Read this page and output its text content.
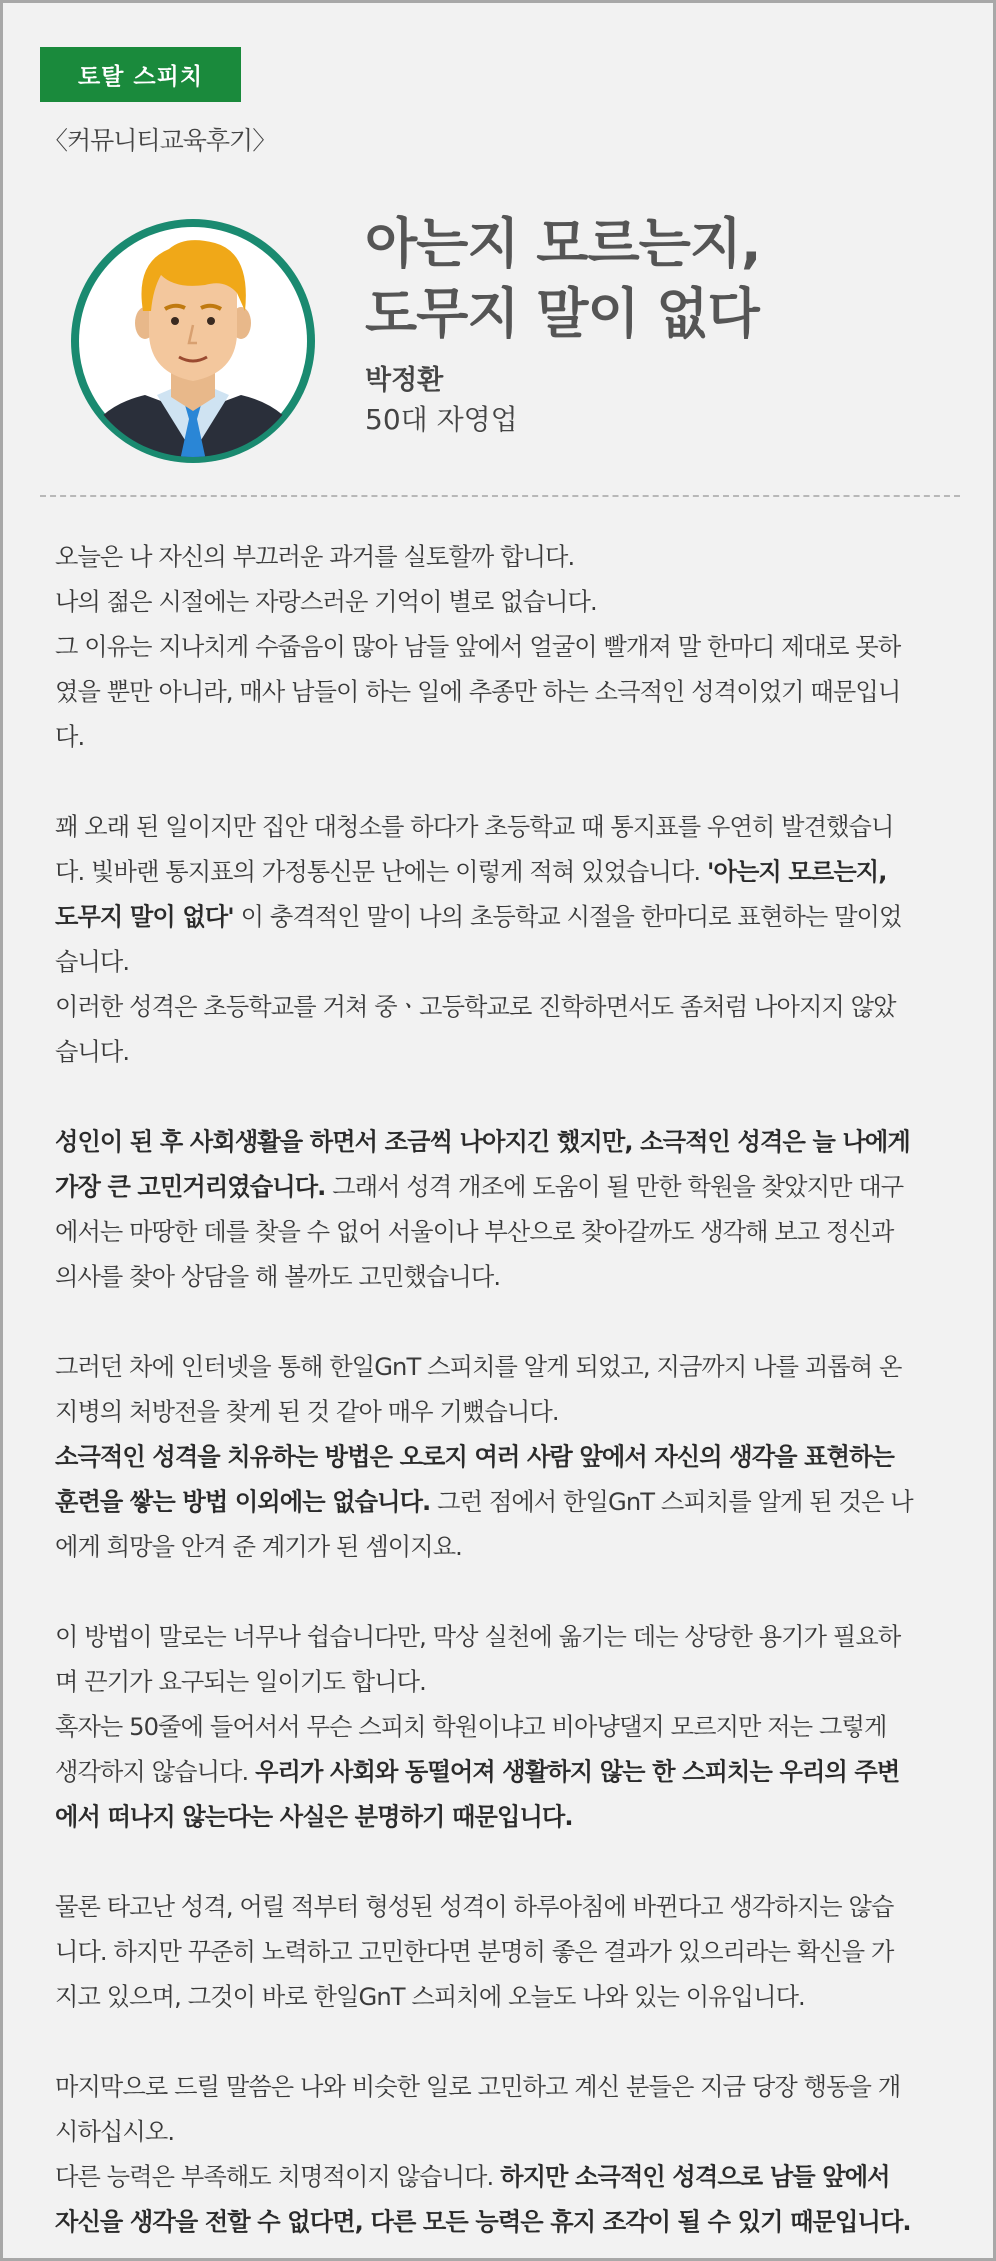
토탈 스피치
〈커뮤니티교육후기〉
아는지 모르는지,
도무지 말이 없다
박정환
50대 자영업
오늘은 나 자신의 부끄러운 과거를 실토할까 합니다.
나의 젊은 시절에는 자랑스러운 기억이 별로 없습니다.
그 이유는 지나치게 수줍음이 많아 남들 앞에서 얼굴이 빨개져 말 한마디 제대로 못하
였을 뿐만 아니라, 매사 남들이 하는 일에 추종만 하는 소극적인 성격이었기 때문입니
다.
꽤 오래 된 일이지만 집안 대청소를 하다가 초등학교 때 통지표를 우연히 발견했습니
다. 빛바랜 통지표의 가정통신문 난에는 이렇게 적혀 있었습니다. '아는지 모르는지,
도무지 말이 없다' 이 충격적인 말이 나의 초등학교 시절을 한마디로 표현하는 말이었
습니다.
이러한 성격은 초등학교를 거쳐 중ㆍ고등학교로 진학하면서도 좀처럼 나아지지 않았
습니다.
성인이 된 후 사회생활을 하면서 조금씩 나아지긴 했지만, 소극적인 성격은 늘 나에게
가장 큰 고민거리였습니다. 그래서 성격 개조에 도움이 될 만한 학원을 찾았지만 대구
에서는 마땅한 데를 찾을 수 없어 서울이나 부산으로 찾아갈까도 생각해 보고 정신과
의사를 찾아 상담을 해 볼까도 고민했습니다.
그러던 차에 인터넷을 통해 한일GnT 스피치를 알게 되었고, 지금까지 나를 괴롭혀 온
지병의 처방전을 찾게 된 것 같아 매우 기뻤습니다.
소극적인 성격을 치유하는 방법은 오로지 여러 사람 앞에서 자신의 생각을 표현하는
훈련을 쌓는 방법 이외에는 없습니다. 그런 점에서 한일GnT 스피치를 알게 된 것은 나
에게 희망을 안겨 준 계기가 된 셈이지요.
이 방법이 말로는 너무나 쉽습니다만, 막상 실천에 옮기는 데는 상당한 용기가 필요하
며 끈기가 요구되는 일이기도 합니다.
혹자는 50줄에 들어서서 무슨 스피치 학원이냐고 비아냥댈지 모르지만 저는 그렇게
생각하지 않습니다. 우리가 사회와 동떨어져 생활하지 않는 한 스피치는 우리의 주변
에서 떠나지 않는다는 사실은 분명하기 때문입니다.
물론 타고난 성격, 어릴 적부터 형성된 성격이 하루아침에 바뀐다고 생각하지는 않습
니다. 하지만 꾸준히 노력하고 고민한다면 분명히 좋은 결과가 있으리라는 확신을 가
지고 있으며, 그것이 바로 한일GnT 스피치에 오늘도 나와 있는 이유입니다.
마지막으로 드릴 말씀은 나와 비슷한 일로 고민하고 계신 분들은 지금 당장 행동을 개
시하십시오.
다른 능력은 부족해도 치명적이지 않습니다. 하지만 소극적인 성격으로 남들 앞에서
자신을 생각을 전할 수 없다면, 다른 모든 능력은 휴지 조각이 될 수 있기 때문입니다.
